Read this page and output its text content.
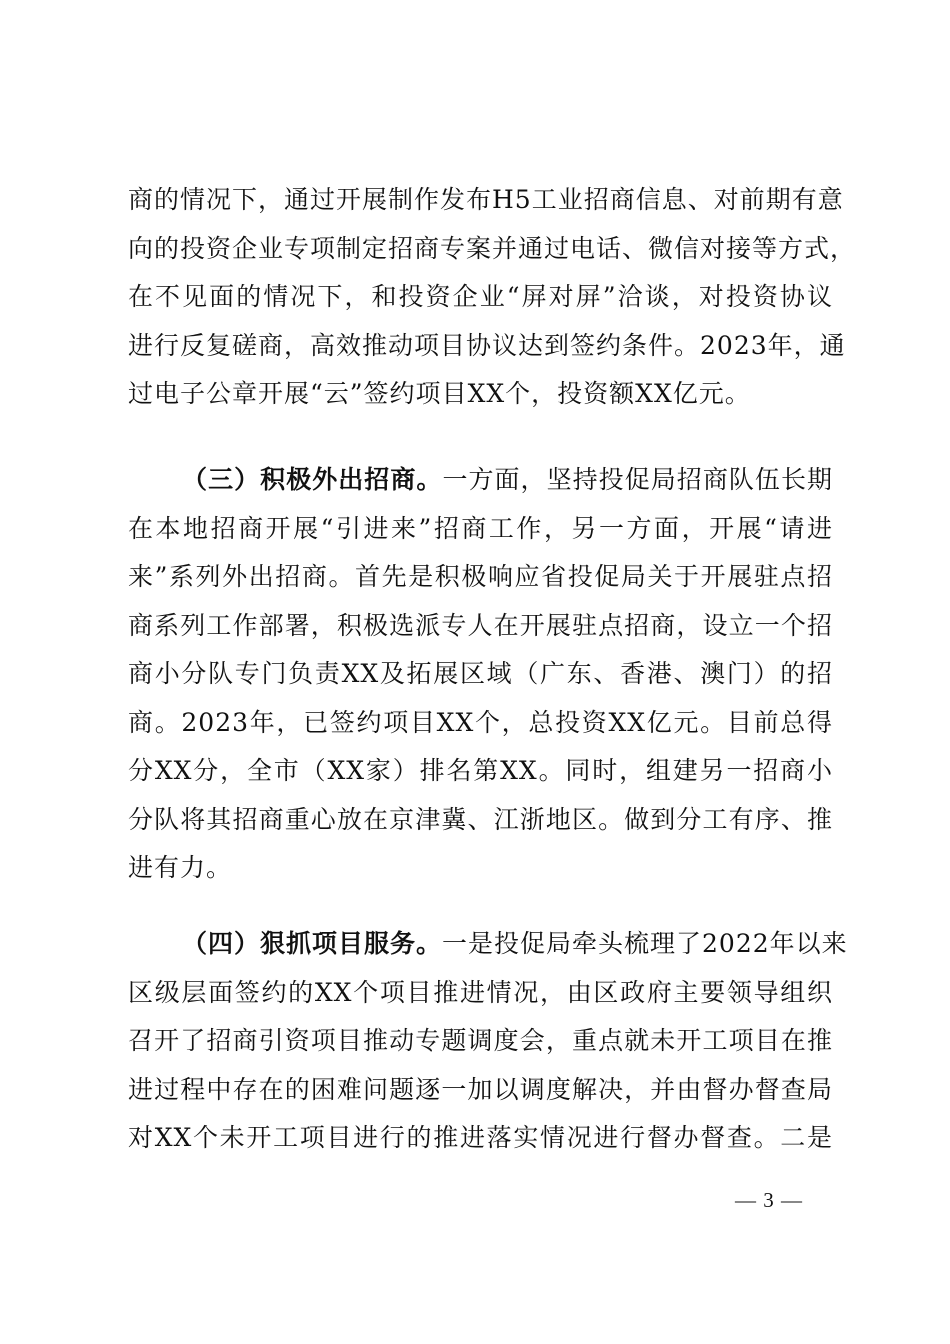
商的情况下，通过开展制作发布H5工业招商信息、对前期有意
向的投资企业专项制定招商专案并通过电话、微信对接等方式，
在不见面的情况下，和投资企业“屏对屏”洽谈，对投资协议
进行反复磋商，高效推动项目协议达到签约条件。2023年，通
过电子公章开展“云”签约项目XX个，投资额XX亿元。
（三）积极外出招商。一方面，坚持投促局招商队伍长期
在本地招商开展“引进来”招商工作，另一方面，开展“请进
来”系列外出招商。首先是积极响应省投促局关于开展驻点招
商系列工作部署，积极选派专人在开展驻点招商，设立一个招
商小分队专门负责XX及拓展区域（广东、香港、澳门）的招
商。2023年，已签约项目XX个，总投资XX亿元。目前总得
分XX分，全市（XX家）排名第XX。同时，组建另一招商小
分队将其招商重心放在京津冀、江浙地区。做到分工有序、推
进有力。
（四）狠抓项目服务。一是投促局牵头梳理了2022年以来
区级层面签约的XX个项目推进情况，由区政府主要领导组织
召开了招商引资项目推动专题调度会，重点就未开工项目在推
进过程中存在的困难问题逐一加以调度解决，并由督办督查局
对XX个未开工项目进行的推进落实情况进行督办督查。二是
— 3 —
